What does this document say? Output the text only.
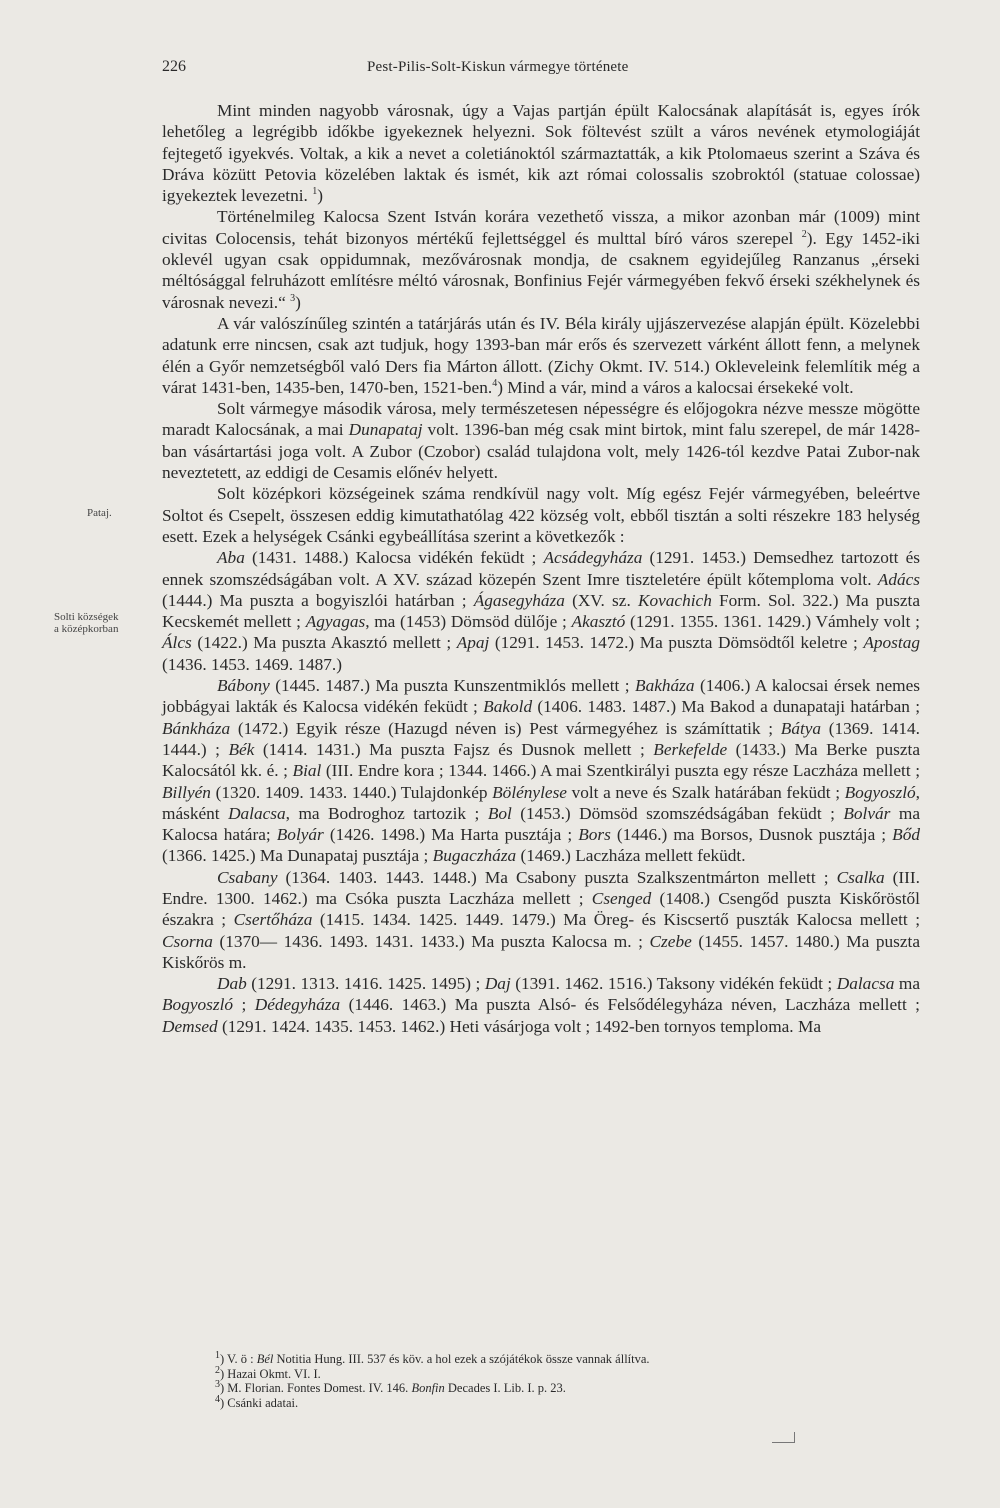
226	Pest-Pilis-Solt-Kiskun vármegye története
Pataj.
Solti községek
a középkorban

Mint minden nagyobb városnak, úgy a Vajas partján épült Kalocsának alapítását is, egyes írók lehetőleg a legrégibb időkbe igyekeznek helyezni. Sok föltevést szült a város nevének etymologiáját fejtegető igyekvés. Voltak, a kik a nevet a coletiánoktól származtatták, a kik Ptolomaeus szerint a Száva és Dráva közütt Petovia közelében laktak és ismét, kik azt római colossalis szobroktól (statuae colossae) igyekeztek levezetni. $^1$)

Történelmileg Kalocsa Szent István korára vezethető vissza, a mikor azonban már (1009) mint civitas Colocensis, tehát bizonyos mértékű fejlettséggel és multtal bíró város szerepel $^2$). Egy 1452-iki oklevél ugyan csak oppidumnak, mezővárosnak mondja, de csaknem egyidejűleg Ranzanus „érseki méltósággal felruházott említésre méltó városnak, Bonfinius Fejér vármegyében fekvő érseki székhelynek és városnak nevezi.“ $^3$)

A vár valószínűleg szintén a tatárjárás után és IV. Béla király ujjászervezése alapján épült. Közelebbi adatunk erre nincsen, csak azt tudjuk, hogy 1393-ban már erős és szervezett várként állott fenn, a melynek élén a Győr nemzetségből való Ders fia Márton állott. (Zichy Okmt. IV. 514.) Okleveleink felemlítik még a várat 1431-ben, 1435-ben, 1470-ben, 1521-ben.$^4$) Mind a vár, mind a város a kalocsai érsekeké volt.

Solt vármegye második városa, mely természetesen népességre és előjogokra nézve messze mögötte maradt Kalocsának, a mai Dunapataj volt. 1396-ban még csak mint birtok, mint falu szerepel, de már 1428-ban vásártartási joga volt. A Zubor (Czobor) család tulajdona volt, mely 1426-tól kezdve Patai Zubor-nak neveztetett, az eddigi de Cesamis előnév helyett.

Solt középkori községeinek száma rendkívül nagy volt. Míg egész Fejér vármegyében, beleértve Soltot és Csepelt, összesen eddig kimutathatólag 422 község volt, ebből tisztán a solti részekre 183 helység esett. Ezek a helységek Csánki egybeállítása szerint a következők :

Aba (1431. 1488.) Kalocsa vidékén feküdt ; Acsádegyháza (1291. 1453.) Demsedhez tartozott és ennek szomszédságában volt. A XV. század közepén Szent Imre tiszteletére épült kőtemploma volt. Adács (1444.) Ma puszta a bogyiszlói határban ; Ágasegyháza (XV. sz. Kovachich Form. Sol. 322.) Ma puszta Kecskemét mellett ; Agyagas, ma (1453) Dömsöd dülője ; Akasztó (1291. 1355. 1361. 1429.) Vámhely volt ; Álcs (1422.) Ma puszta Akasztó mellett ; Apaj (1291. 1453. 1472.) Ma puszta Dömsödtől keletre ; Apostag (1436. 1453. 1469. 1487.)

Bábony (1445. 1487.) Ma puszta Kunszentmiklós mellett ; Bakháza (1406.) A kalocsai érsek nemes jobbágyai lakták és Kalocsa vidékén feküdt ; Bakold (1406. 1483. 1487.) Ma Bakod a dunapataji határban ; Bánkháza (1472.) Egyik része (Hazugd néven is) Pest vármegyéhez is számíttatik ; Bátya (1369. 1414. 1444.) ; Bék (1414. 1431.) Ma puszta Fajsz és Dusnok mellett ; Berkefelde (1433.) Ma Berke puszta Kalocsától kk. é. ; Bial (III. Endre kora ; 1344. 1466.) A mai Szentkirályi puszta egy része Laczháza mellett ; Billyén (1320. 1409. 1433. 1440.) Tulajdonkép Bölénylese volt a neve és Szalk határában feküdt ; Bogyoszló, másként Dalacsa, ma Bodroghoz tartozik ; Bol (1453.) Dömsöd szomszédságában feküdt ; Bolvár ma Kalocsa határa; Bolyár (1426. 1498.) Ma Harta pusztája ; Bors (1446.) ma Borsos, Dusnok pusztája ; Bőd (1366. 1425.) Ma Dunapataj pusztája ; Bugaczháza (1469.) Laczháza mellett feküdt.

Csabany (1364. 1403. 1443. 1448.) Ma Csabony puszta Szalkszentmárton mellett ; Csalka (III. Endre. 1300. 1462.) ma Csóka puszta Laczháza mellett ; Csenged (1408.) Csengőd puszta Kiskőröstől északra ; Csertőháza (1415. 1434. 1425. 1449. 1479.) Ma Öreg- és Kiscsertő puszták Kalocsa mellett ; Csorna (1370— 1436. 1493. 1431. 1433.) Ma puszta Kalocsa m. ; Czebe (1455. 1457. 1480.) Ma puszta Kiskőrös m.

Dab (1291. 1313. 1416. 1425. 1495) ; Daj (1391. 1462. 1516.) Taksony vidékén feküdt ; Dalacsa ma Bogyoszló ; Dédegyháza (1446. 1463.) Ma puszta Alsó- és Felsődélegyháza néven, Laczháza mellett ; Demsed (1291. 1424. 1435. 1453. 1462.) Heti vásárjoga volt ; 1492-ben tornyos temploma. Ma

$^1$) V. ö : Bél Notitia Hung. III. 537 és köv. a hol ezek a szójátékok össze vannak állítva.
$^2$) Hazai Okmt. VI. I.
$^3$) M. Florian. Fontes Domest. IV. 146. Bonfin Decades I. Lib. I. p. 23.
$^4$) Csánki adatai.
